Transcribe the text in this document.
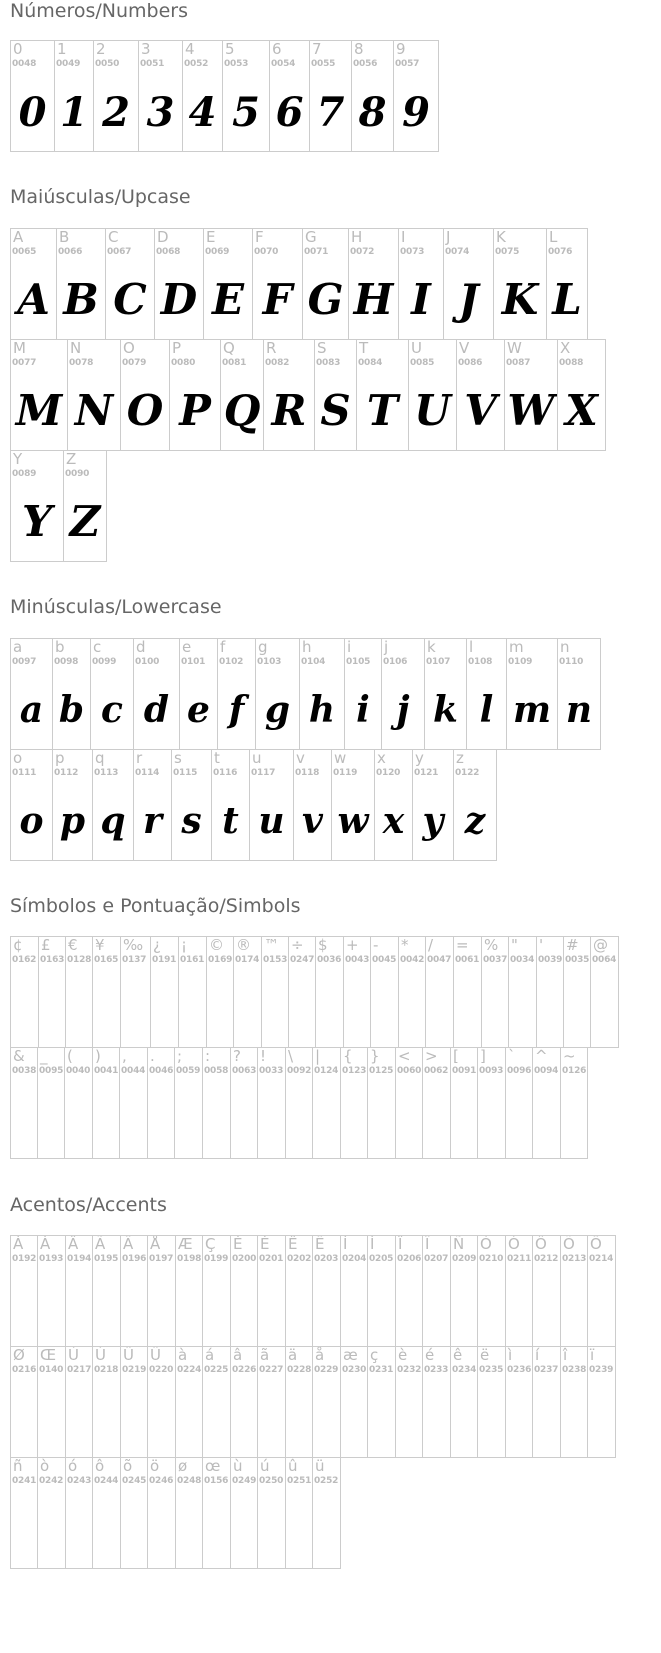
Números/Numbers
0
0048
0
1
0049
1
2
0050
2
3
0051
3
4
0052
4
5
0053
5
6
0054
6
7
0055
7
8
0056
8
9
0057
9
Maiúsculas/Upcase
A
0065
A
B
0066
B
C
0067
C
D
0068
D
E
0069
E
F
0070
F
G
0071
G
H
0072
H
I
0073
I
J
0074
J
K
0075
K
L
0076
L
M
0077
M
N
0078
N
O
0079
O
P
0080
P
Q
0081
Q
R
0082
R
S
0083
S
T
0084
T
U
0085
U
V
0086
V
W
0087
W
X
0088
X
Y
0089
Y
Z
0090
Z
Minúsculas/Lowercase
a
0097
a
b
0098
b
c
0099
c
d
0100
d
e
0101
e
f
0102
f
g
0103
g
h
0104
h
i
0105
i
j
0106
j
k
0107
k
l
0108
l
m
0109
m
n
0110
n
o
0111
o
p
0112
p
q
0113
q
r
0114
r
s
0115
s
t
0116
t
u
0117
u
v
0118
v
w
0119
w
x
0120
x
y
0121
y
z
0122
z
Símbolos e Pontuação/Simbols
¢
0162
£
0163
€
0128
¥
0165
‰
0137
¿
0191
¡
0161
©
0169
®
0174
™
0153
÷
0247
$
0036
+
0043
-
0045
*
0042
/
0047
=
0061
%
0037
"
0034
'
0039
#
0035
@
0064
&
0038
_
0095
(
0040
)
0041
,
0044
.
0046
;
0059
:
0058
?
0063
!
0033
\
0092
|
0124
{
0123
}
0125
<
0060
>
0062
[
0091
]
0093
`
0096
^
0094
~
0126
Acentos/Accents
À
0192
Á
0193
Â
0194
Ã
0195
Ä
0196
Å
0197
Æ
0198
Ç
0199
È
0200
É
0201
Ê
0202
Ë
0203
Ì
0204
Í
0205
Î
0206
Ï
0207
Ñ
0209
Ò
0210
Ó
0211
Ô
0212
Õ
0213
Ö
0214
Ø
0216
Œ
0140
Ù
0217
Ú
0218
Û
0219
Ü
0220
à
0224
á
0225
â
0226
ã
0227
ä
0228
å
0229
æ
0230
ç
0231
è
0232
é
0233
ê
0234
ë
0235
ì
0236
í
0237
î
0238
ï
0239
ñ
0241
ò
0242
ó
0243
ô
0244
õ
0245
ö
0246
ø
0248
œ
0156
ù
0249
ú
0250
û
0251
ü
0252
